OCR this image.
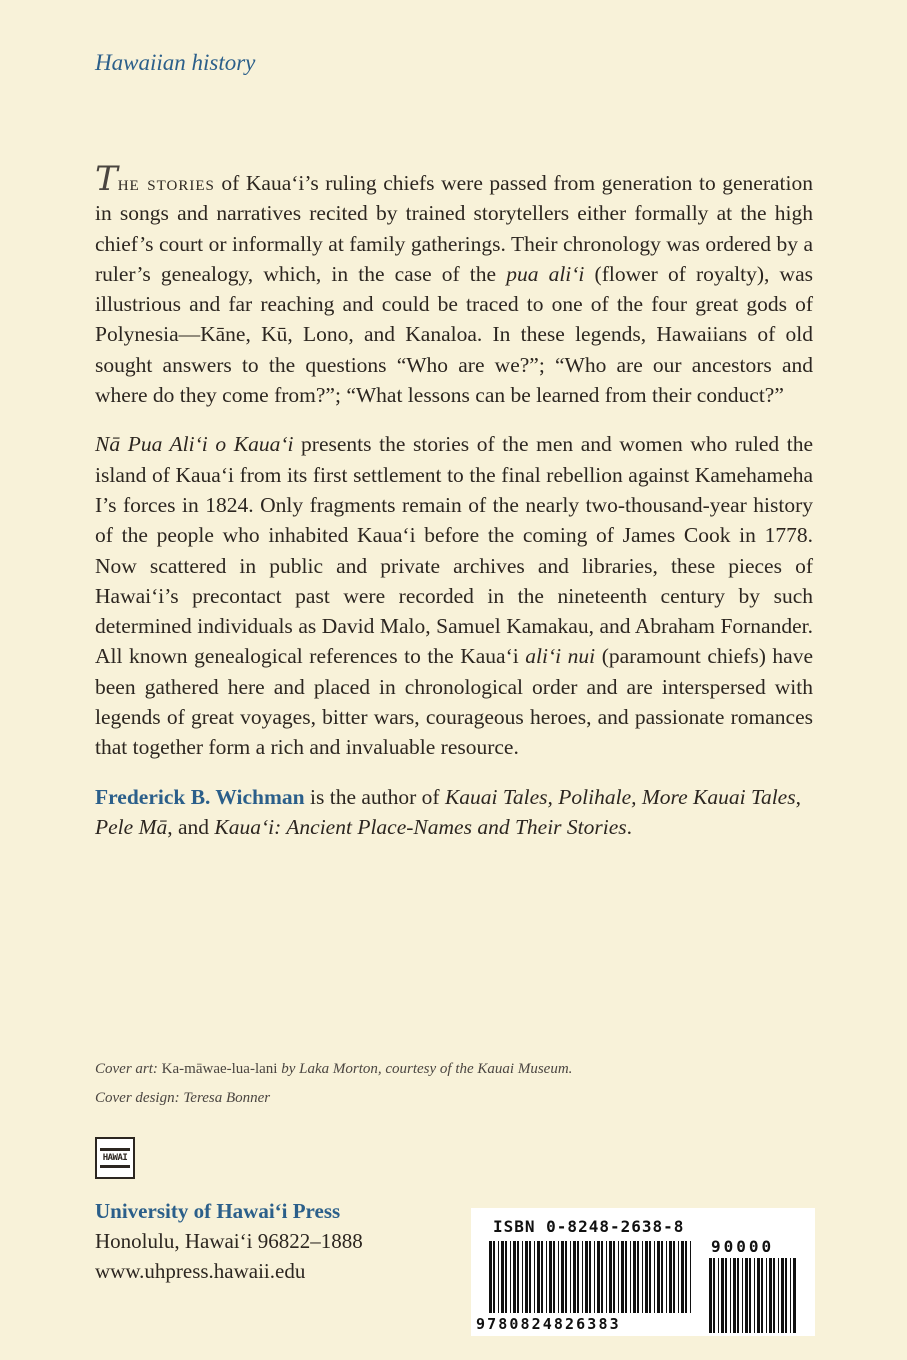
Hawaiian history

The stories of Kaua‘i’s ruling chiefs were passed from generation to generation in songs and narratives recited by trained storytellers either formally at the high chief’s court or informally at family gatherings. Their chronology was ordered by a ruler’s genealogy, which, in the case of the pua ali‘i (flower of royalty), was illustrious and far reaching and could be traced to one of the four great gods of Polynesia—Kāne, Kū, Lono, and Kanaloa. In these legends, Hawaiians of old sought answers to the questions “Who are we?”; “Who are our ancestors and where do they come from?”; “What lessons can be learned from their conduct?”

Nā Pua Ali‘i o Kaua‘i presents the stories of the men and women who ruled the island of Kaua‘i from its first settlement to the final rebellion against Kamehameha I’s forces in 1824. Only fragments remain of the nearly two-thousand-year history of the people who inhabited Kaua‘i before the coming of James Cook in 1778. Now scattered in public and private archives and libraries, these pieces of Hawai‘i’s precontact past were recorded in the nineteenth century by such determined individuals as David Malo, Samuel Kamakau, and Abraham Fornander. All known genealogical references to the Kaua‘i ali‘i nui (paramount chiefs) have been gathered here and placed in chronological order and are interspersed with legends of great voyages, bitter wars, courageous heroes, and passionate romances that together form a rich and invaluable resource.

Frederick B. Wichman is the author of Kauai Tales, Polihale, More Kauai Tales, Pele Mā, and Kaua‘i: Ancient Place-Names and Their Stories.

Cover art: Ka-māwae-lua-lani by Laka Morton, courtesy of the Kauai Museum.
Cover design: Teresa Bonner
HAWAI
University of Hawai‘i Press
Honolulu, Hawai‘i 96822–1888
www.uhpress.hawaii.edu
ISBN 0-8248-2638-8
90000
9780824826383
